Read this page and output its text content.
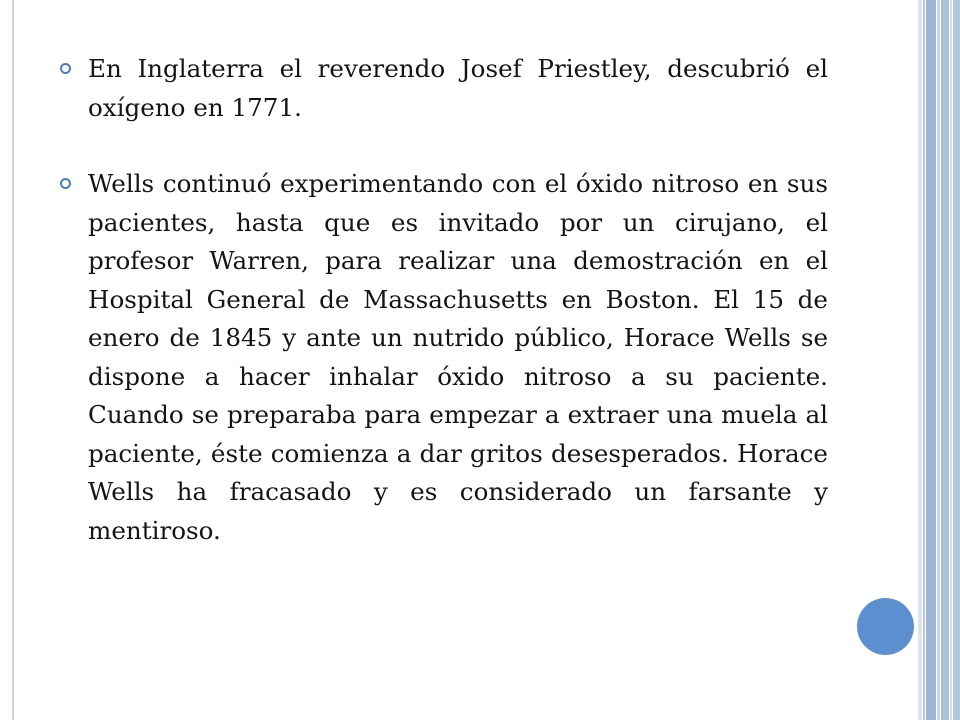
En Inglaterra el reverendo Josef Priestley, descubrió el oxígeno en 1771.

Wells continuó experimentando con el óxido nitroso en sus pacientes, hasta que es invitado por un cirujano, el profesor Warren, para realizar una demostración en el Hospital General de Massachusetts en Boston. El 15 de enero de 1845 y ante un nutrido público, Horace Wells se dispone a hacer inhalar óxido nitroso a su paciente. Cuando se preparaba para empezar a extraer una muela al paciente, éste comienza a dar gritos desesperados. Horace Wells ha fracasado y es considerado un farsante y mentiroso.
